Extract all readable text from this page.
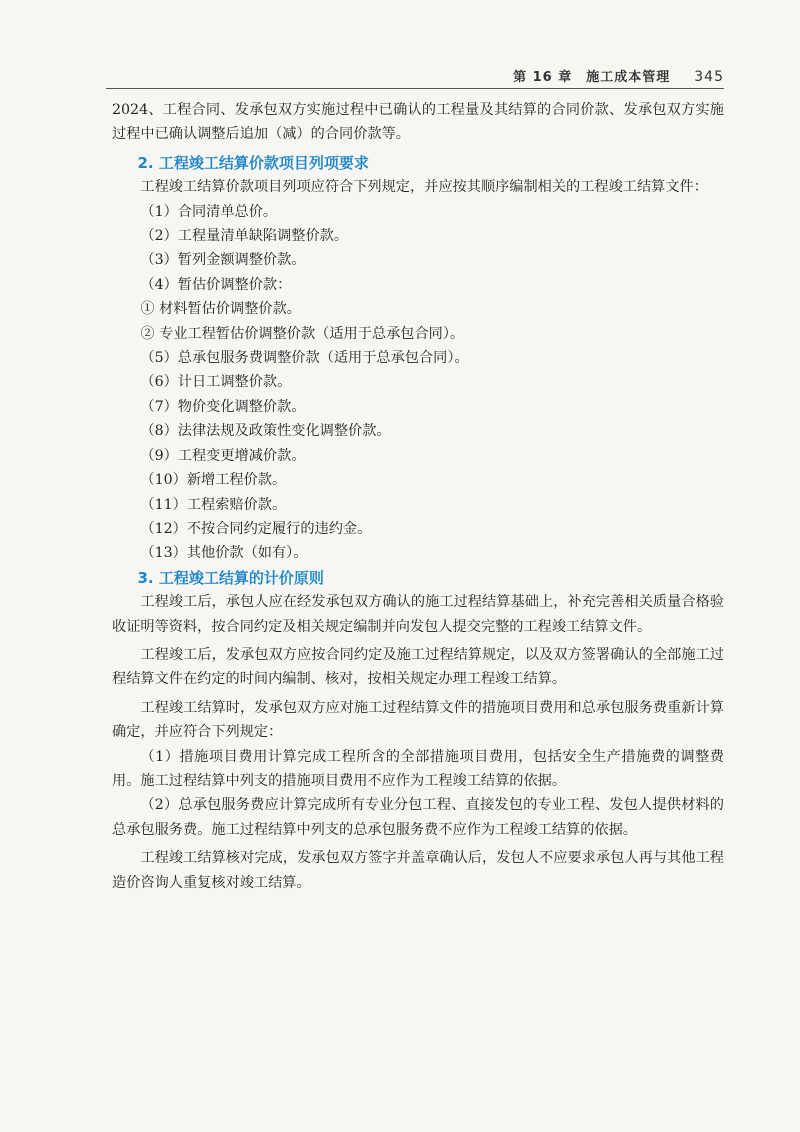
第 16 章　施工成本管理 345

2024、工程合同、发承包双方实施过程中已确认的工程量及其结算的合同价款、发承包双方实施过程中已确认调整后追加（减）的合同价款等。

2. 工程竣工结算价款项目列项要求

工程竣工结算价款项目列项应符合下列规定，并应按其顺序编制相关的工程竣工结算文件：

（1）合同清单总价。

（2）工程量清单缺陷调整价款。

（3）暂列金额调整价款。

（4）暂估价调整价款：

① 材料暂估价调整价款。

② 专业工程暂估价调整价款（适用于总承包合同）。

（5）总承包服务费调整价款（适用于总承包合同）。

（6）计日工调整价款。

（7）物价变化调整价款。

（8）法律法规及政策性变化调整价款。

（9）工程变更增减价款。

（10）新增工程价款。

（11）工程索赔价款。

（12）不按合同约定履行的违约金。

（13）其他价款（如有）。

3. 工程竣工结算的计价原则

工程竣工后，承包人应在经发承包双方确认的施工过程结算基础上，补充完善相关质量合格验收证明等资料，按合同约定及相关规定编制并向发包人提交完整的工程竣工结算文件。

工程竣工后，发承包双方应按合同约定及施工过程结算规定，以及双方签署确认的全部施工过程结算文件在约定的时间内编制、核对，按相关规定办理工程竣工结算。

工程竣工结算时，发承包双方应对施工过程结算文件的措施项目费用和总承包服务费重新计算确定，并应符合下列规定：

（1）措施项目费用计算完成工程所含的全部措施项目费用，包括安全生产措施费的调整费用。施工过程结算中列支的措施项目费用不应作为工程竣工结算的依据。

（2）总承包服务费应计算完成所有专业分包工程、直接发包的专业工程、发包人提供材料的总承包服务费。施工过程结算中列支的总承包服务费不应作为工程竣工结算的依据。

工程竣工结算核对完成，发承包双方签字并盖章确认后，发包人不应要求承包人再与其他工程造价咨询人重复核对竣工结算。
